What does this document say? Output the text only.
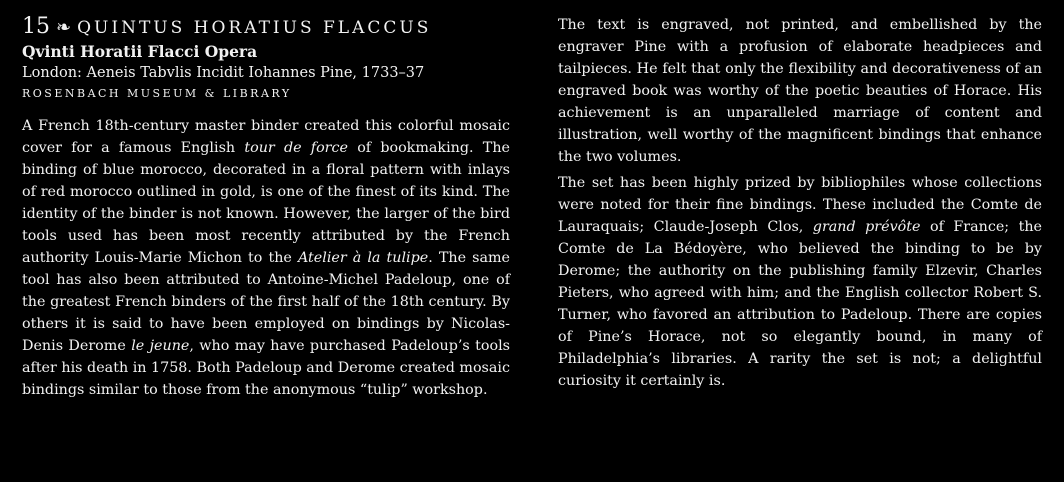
15 ❧ QUINTUS HORATIUS FLACCUS
Qvinti Horatii Flacci Opera
London: Aeneis Tabvlis Incidit Iohannes Pine, 1733–37
ROSENBACH MUSEUM & LIBRARY

A French 18th-century master binder created this colorful mosaic cover for a famous English tour de force of bookmaking. The binding of blue morocco, decorated in a floral pattern with inlays of red morocco outlined in gold, is one of the finest of its kind. The identity of the binder is not known. However, the larger of the bird tools used has been most recently attributed by the French authority Louis-Marie Michon to the Atelier à la tulipe. The same tool has also been attributed to Antoine-Michel Padeloup, one of the greatest French binders of the first half of the 18th century. By others it is said to have been employed on bindings by Nicolas-Denis Derome le jeune, who may have purchased Padeloup’s tools after his death in 1758. Both Padeloup and Derome created mosaic bindings similar to those from the anonymous “tulip” workshop.

The text is engraved, not printed, and embellished by the engraver Pine with a profusion of elaborate headpieces and tailpieces. He felt that only the flexibility and decorativeness of an engraved book was worthy of the poetic beauties of Horace. His achievement is an unparalleled marriage of content and illustration, well worthy of the magnificent bindings that enhance the two volumes.

The set has been highly prized by bibliophiles whose collections were noted for their fine bindings. These included the Comte de Lauraquais; Claude-Joseph Clos, grand prévôte of France; the Comte de La Bédoyère, who believed the binding to be by Derome; the authority on the publishing family Elzevir, Charles Pieters, who agreed with him; and the English collector Robert S. Turner, who favored an attribution to Padeloup. There are copies of Pine’s Horace, not so elegantly bound, in many of Philadelphia’s libraries. A rarity the set is not; a delightful curiosity it certainly is.
